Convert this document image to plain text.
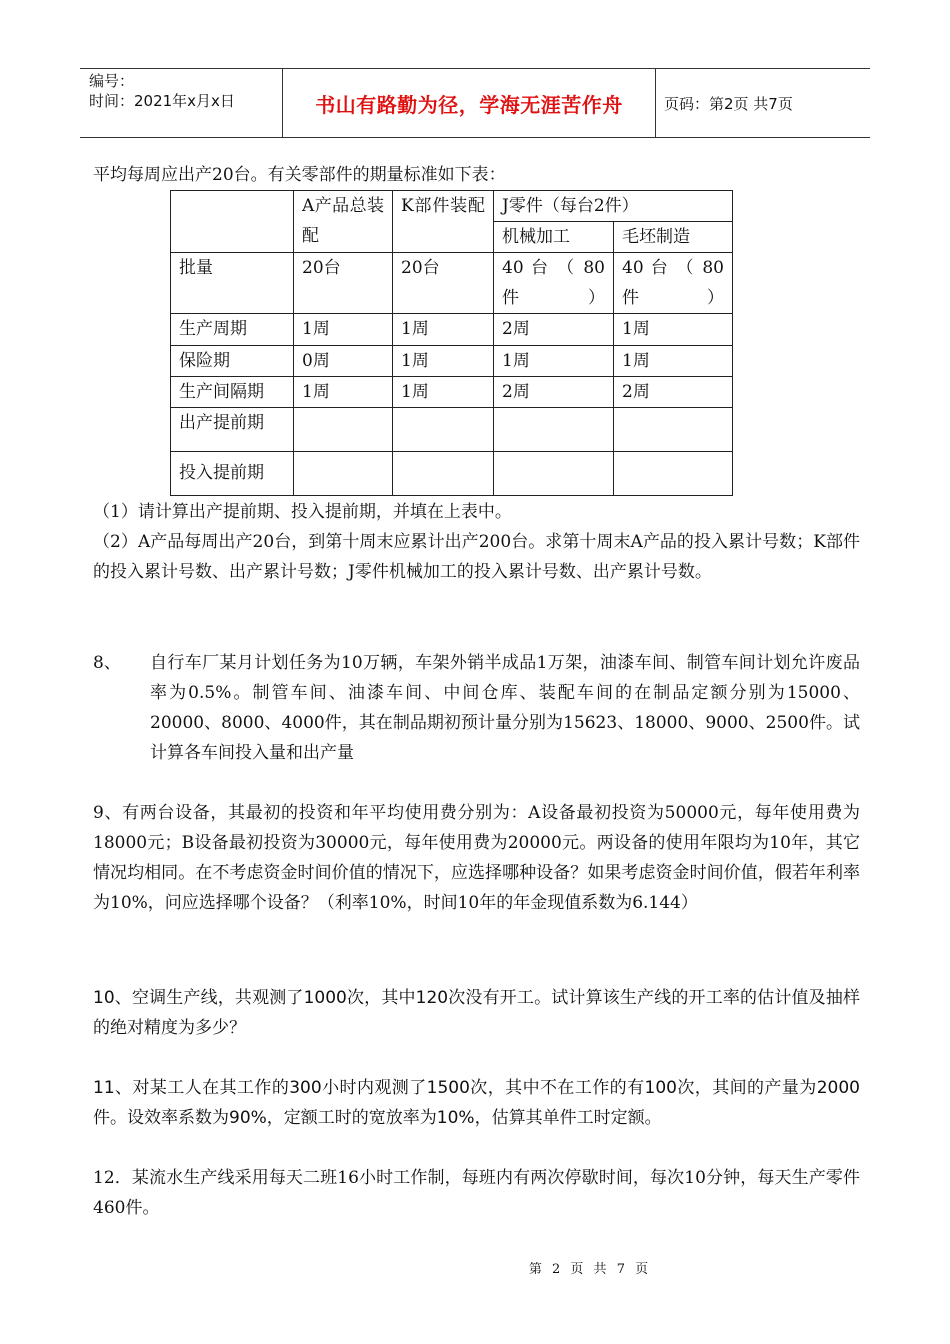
编号：
时间：2021年x月x日	书山有路勤为径，学海无涯苦作舟	页码：第2页 共7页
平均每周应出产20台。有关零部件的期量标准如下表：

	A产品总装配	K部件装配	J零件（每台2件）	
			机械加工	毛坯制造
批量	20台	20台	40 台 （ 80件）	40 台 （ 80件）

生产周期	1周	1周	2周	1周
保险期	0周	1周	1周	1周
生产间隔期	1周	1周	2周	2周
出产提前期				
投入提前期				
（1）请计算出产提前期、投入提前期，并填在上表中。
（2）A产品每周出产20台，到第十周末应累计出产200台。求第十周末A产品的投入累计号数；K部件的投入累计号数、出产累计号数；J零件机械加工的投入累计号数、出产累计号数。
8、 自行车厂某月计划任务为10万辆，车架外销半成品1万架，油漆车间、制管车间计划允许废品率为0.5%。制管车间、油漆车间、中间仓库、装配车间的在制品定额分别为15000、20000、8000、4000件，其在制品期初预计量分别为15623、18000、9000、2500件。试计算各车间投入量和出产量
9、有两台设备，其最初的投资和年平均使用费分别为：A设备最初投资为50000元，每年使用费为18000元；B设备最初投资为30000元，每年使用费为20000元。两设备的使用年限均为10年，其它情况均相同。在不考虑资金时间价值的情况下，应选择哪种设备？如果考虑资金时间价值，假若年利率为10%，问应选择哪个设备？（利率10%，时间10年的年金现值系数为6.144）
10、空调生产线，共观测了1000次，其中120次没有开工。试计算该生产线的开工率的估计值及抽样的绝对精度为多少？
11、对某工人在其工作的300小时内观测了1500次，其中不在工作的有100次，其间的产量为2000件。设效率系数为90%，定额工时的宽放率为10%，估算其单件工时定额。
12．某流水生产线采用每天二班16小时工作制，每班内有两次停歇时间，每次10分钟，每天生产零件460件。
第 2 页 共 7 页
